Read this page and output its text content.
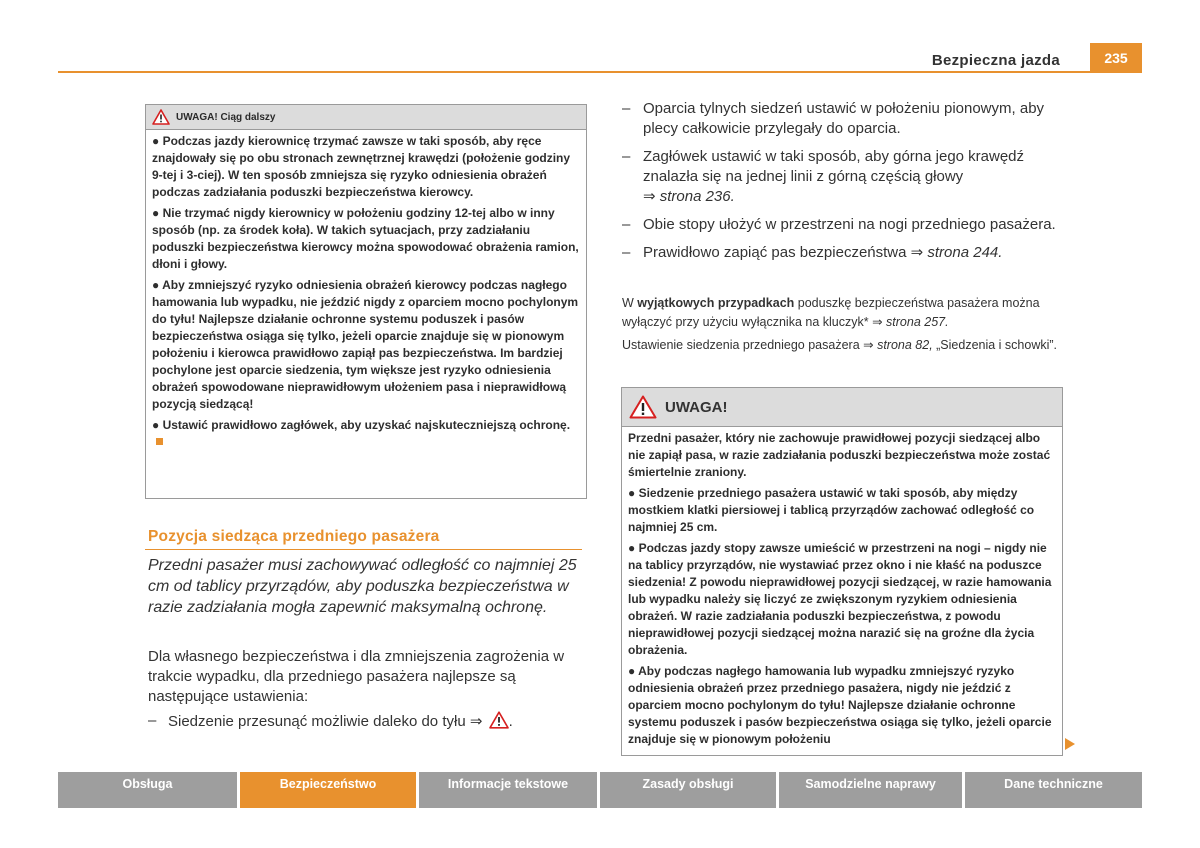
Bezpieczna jazda	235
UWAGA! Ciąg dalszy

● Podczas jazdy kierownicę trzymać zawsze w taki sposób, aby ręce znajdowały się po obu stronach zewnętrznej krawędzi (położenie godziny 9-tej i 3-ciej). W ten sposób zmniejsza się ryzyko odniesienia obrażeń podczas zadziałania poduszki bezpieczeństwa kierowcy.

● Nie trzymać nigdy kierownicy w położeniu godziny 12-tej albo w inny sposób (np. za środek koła). W takich sytuacjach, przy zadziałaniu poduszki bezpieczeństwa kierowcy można spowodować obrażenia ramion, dłoni i głowy.

● Aby zmniejszyć ryzyko odniesienia obrażeń kierowcy podczas nagłego hamowania lub wypadku, nie jeździć nigdy z oparciem mocno pochylonym do tyłu! Najlepsze działanie ochronne systemu poduszek i pasów bezpieczeństwa osiąga się tylko, jeżeli oparcie znajduje się w pionowym położeniu i kierowca prawidłowo zapiął pas bezpieczeństwa. Im bardziej pochylone jest oparcie siedzenia, tym większe jest ryzyko odniesienia obrażeń spowodowane nieprawidłowym ułożeniem pasa i nieprawidłową pozycją siedzącą!

● Ustawić prawidłowo zagłówek, aby uzyskać najskuteczniejszą ochronę.

Pozycja siedząca przedniego pasażera
Przedni pasażer musi zachowywać odległość co najmniej 25 cm od tablicy przyrządów, aby poduszka bezpieczeństwa w razie zadziałania mogła zapewnić maksymalną ochronę.
Dla własnego bezpieczeństwa i dla zmniejszenia zagrożenia w trakcie wypadku, dla przedniego pasażera najlepsze są następujące ustawienia:
– Siedzenie przesunąć możliwie daleko do tyłu ⇒ .
– Oparcia tylnych siedzeń ustawić w położeniu pionowym, aby plecy całkowicie przylegały do oparcia.
– Zagłówek ustawić w taki sposób, aby górna jego krawędź znalazła się na jednej linii z górną częścią głowy
⇒ strona 236.
– Obie stopy ułożyć w przestrzeni na nogi przedniego pasażera.
– Prawidłowo zapiąć pas bezpieczeństwa ⇒ strona 244.
W wyjątkowych przypadkach poduszkę bezpieczeństwa pasażera można wyłączyć przy użyciu wyłącznika na kluczyk* ⇒ strona 257.
Ustawienie siedzenia przedniego pasażera ⇒ strona 82, „Siedzenia i schowki”.
UWAGA!

Przedni pasażer, który nie zachowuje prawidłowej pozycji siedzącej albo nie zapiął pasa, w razie zadziałania poduszki bezpieczeństwa może zostać śmiertelnie zraniony.

● Siedzenie przedniego pasażera ustawić w taki sposób, aby między mostkiem klatki piersiowej i tablicą przyrządów zachować odległość co najmniej 25 cm.

● Podczas jazdy stopy zawsze umieścić w przestrzeni na nogi – nigdy nie na tablicy przyrządów, nie wystawiać przez okno i nie kłaść na poduszce siedzenia! Z powodu nieprawidłowej pozycji siedzącej, w razie hamowania lub wypadku należy się liczyć ze zwiększonym ryzykiem odniesienia obrażeń. W razie zadziałania poduszki bezpieczeństwa, z powodu nieprawidłowej pozycji siedzącej można narazić się na groźne dla życia obrażenia.

● Aby podczas nagłego hamowania lub wypadku zmniejszyć ryzyko odniesienia obrażeń przez przedniego pasażera, nigdy nie jeździć z oparciem mocno pochylonym do tyłu! Najlepsze działanie ochronne systemu poduszek i pasów bezpieczeństwa osiąga się tylko, jeżeli oparcie znajduje się w pionowym położeniu

Obsługa	Bezpieczeństwo	Informacje tekstowe	Zasady obsługi	Samodzielne naprawy	Dane techniczne
